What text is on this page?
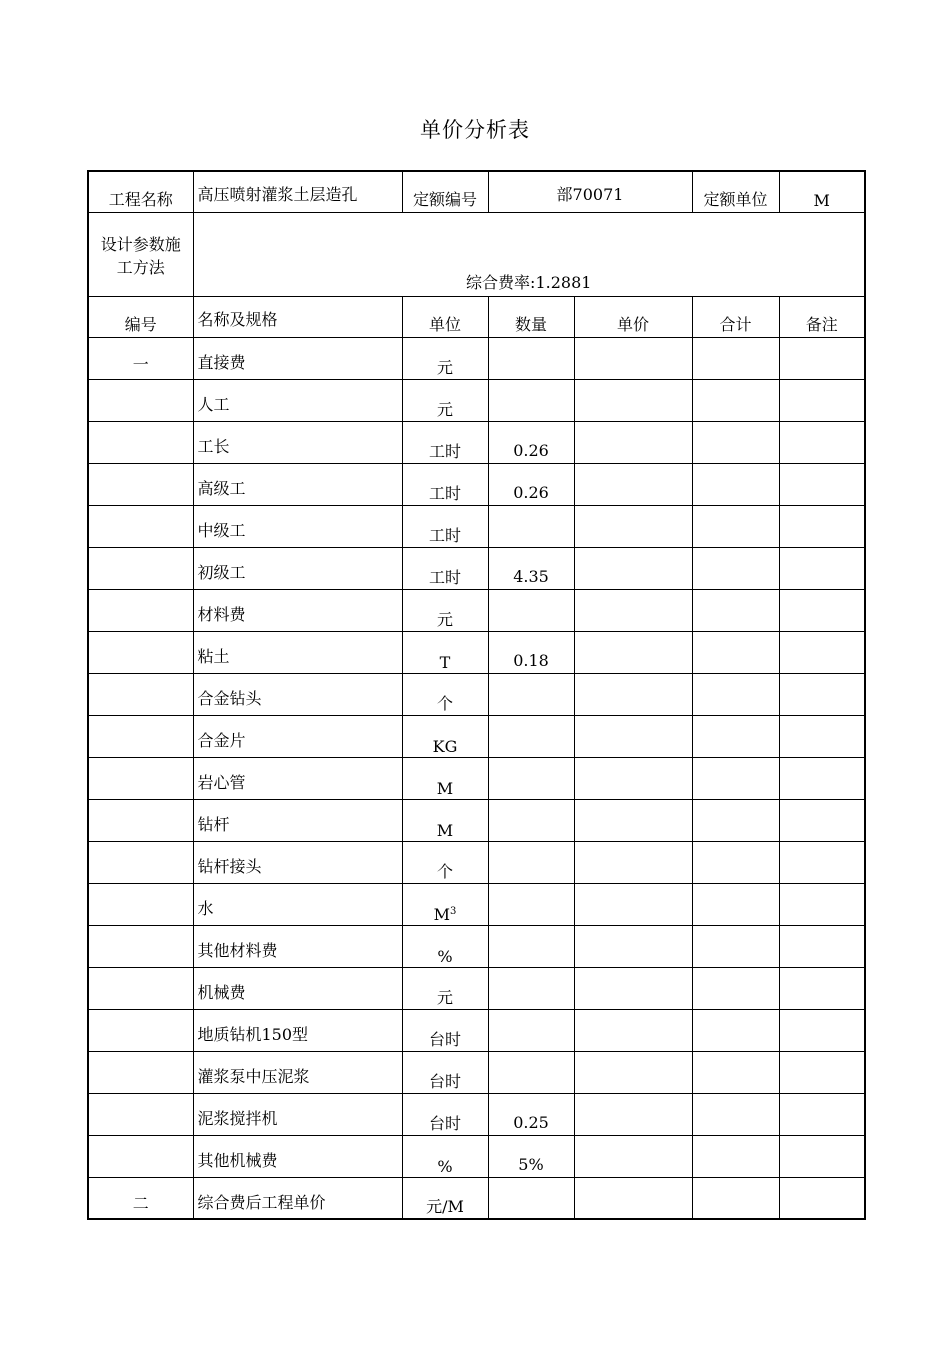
单价分析表
工程名称	高压喷射灌浆土层造孔	定额编号	部70071		定额单位	M
设计参数施工方法	综合费率:1.2881					
编号	名称及规格	单位	数量	单价	合计	备注
一	直接费	元				
	人工	元				
	工长	工时	0.26			
	高级工	工时	0.26			
	中级工	工时				
	初级工	工时	4.35			
	材料费	元				
	粘土	T	0.18			
	合金钻头	个				
	合金片	KG				
	岩心管	M				
	钻杆	M				
	钻杆接头	个				
	水	$M^3$				
	其他材料费	%				
	机械费	元				
	地质钻机150型	台时				
	灌浆泵中压泥浆	台时				
	泥浆搅拌机	台时	0.25			
	其他机械费	%	5%			
二	综合费后工程单价	元/M				
